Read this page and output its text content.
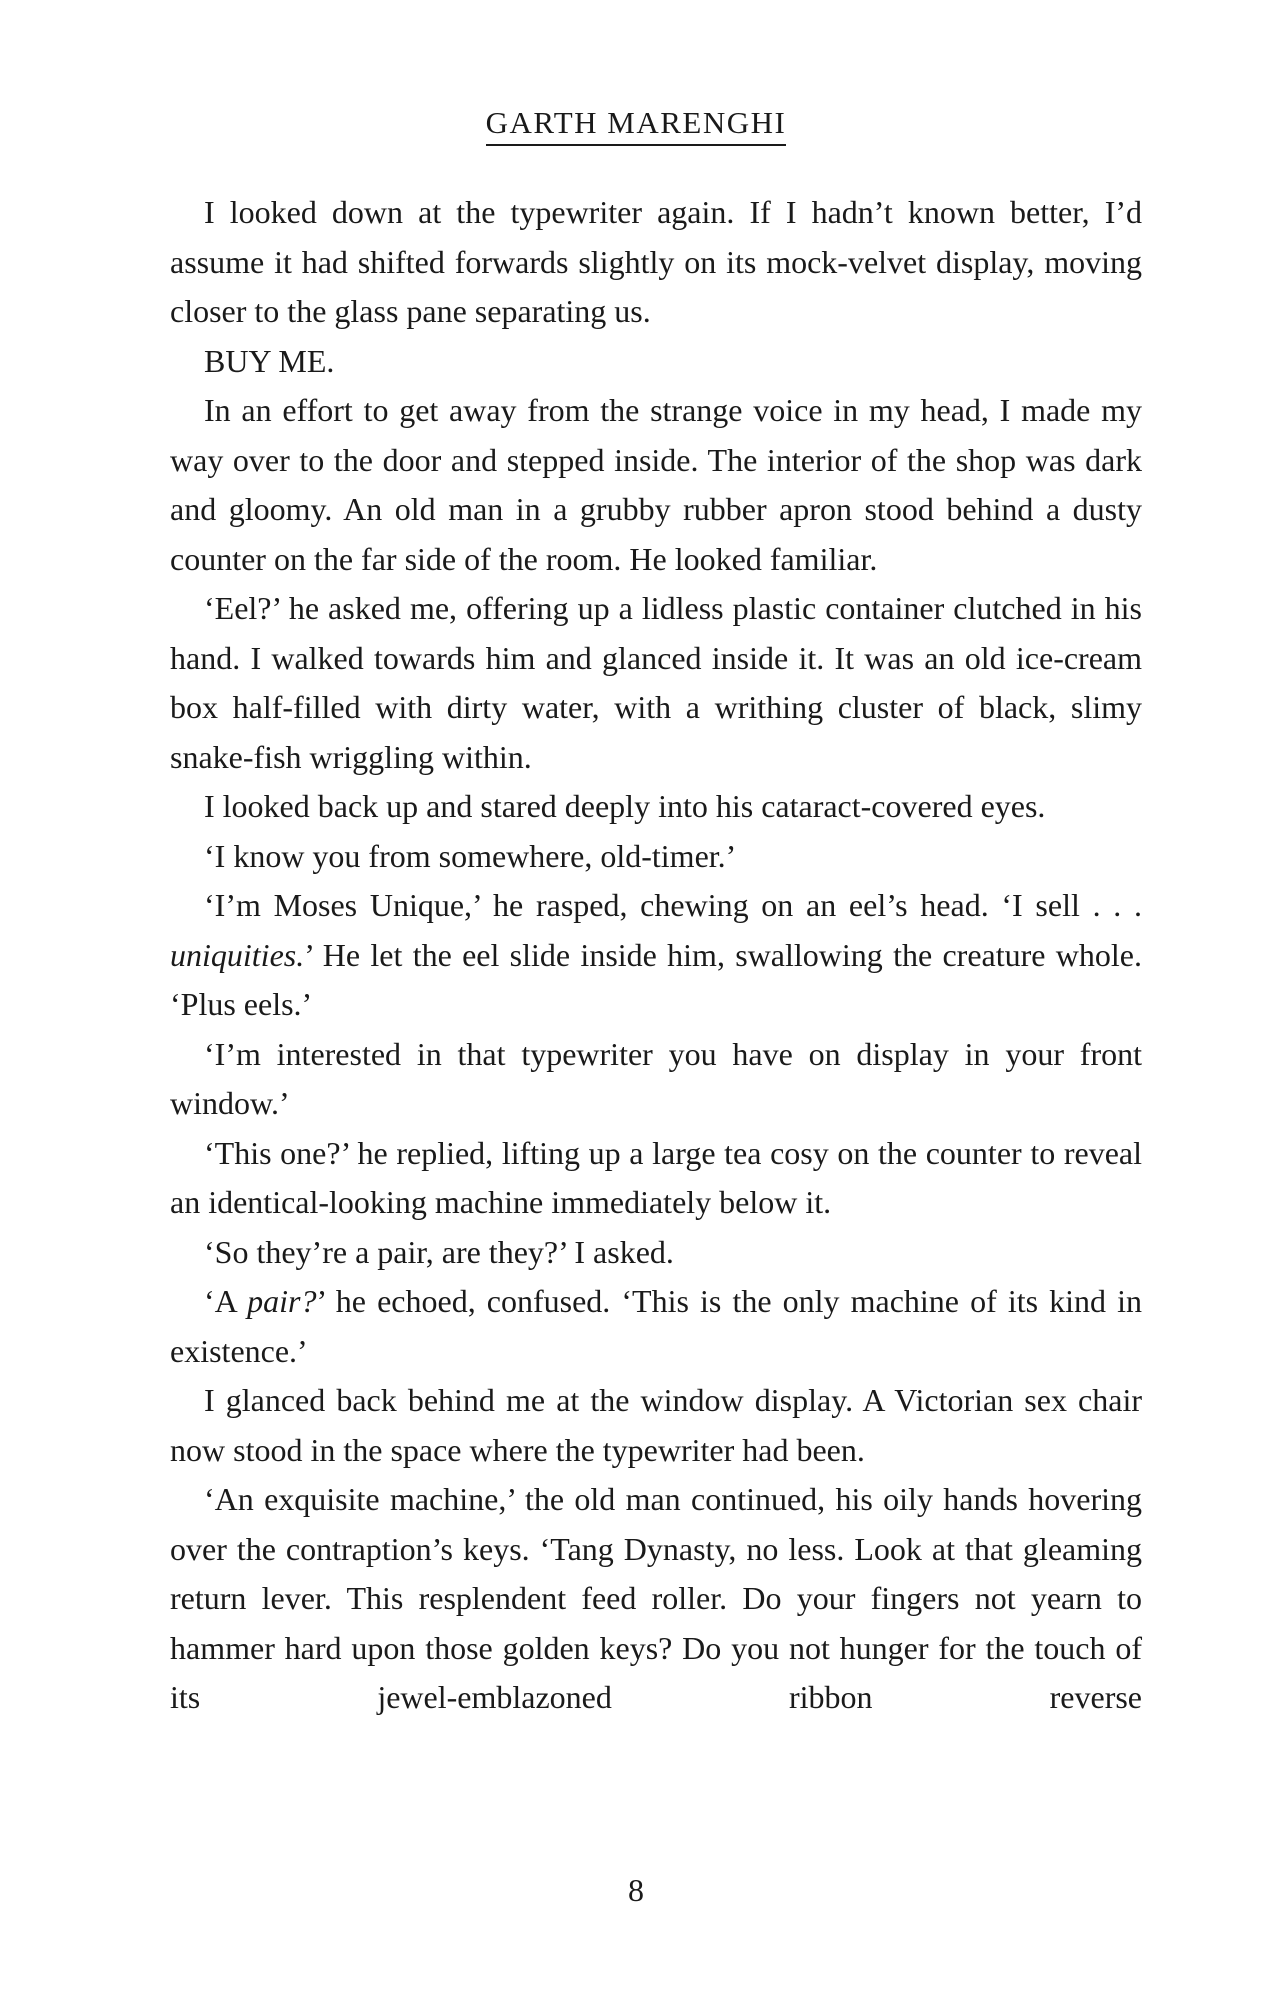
GARTH MARENGHI

I looked down at the typewriter again. If I hadn’t known better, I’d assume it had shifted forwards slightly on its mock-velvet display, moving closer to the glass pane separating us.

BUY ME.

In an effort to get away from the strange voice in my head, I made my way over to the door and stepped inside. The interior of the shop was dark and gloomy. An old man in a grubby rubber apron stood behind a dusty counter on the far side of the room. He looked familiar.

‘Eel?’ he asked me, offering up a lidless plastic container clutched in his hand. I walked towards him and glanced inside it. It was an old ice-cream box half-filled with dirty water, with a writhing cluster of black, slimy snake-fish wriggling within.

I looked back up and stared deeply into his cataract-covered eyes.

‘I know you from somewhere, old-timer.’

‘I’m Moses Unique,’ he rasped, chewing on an eel’s head. ‘I sell . . . uniquities.’ He let the eel slide inside him, swallowing the creature whole. ‘Plus eels.’

‘I’m interested in that typewriter you have on display in your front window.’

‘This one?’ he replied, lifting up a large tea cosy on the counter to reveal an identical-looking machine immediately below it.

‘So they’re a pair, are they?’ I asked.

‘A pair?’ he echoed, confused. ‘This is the only machine of its kind in existence.’

I glanced back behind me at the window display. A Victorian sex chair now stood in the space where the typewriter had been.

‘An exquisite machine,’ the old man continued, his oily hands hovering over the contraption’s keys. ‘Tang Dynasty, no less. Look at that gleaming return lever. This resplendent feed roller. Do your fingers not yearn to hammer hard upon those golden keys? Do you not hunger for the touch of its jewel-emblazoned ribbon reverse

8
